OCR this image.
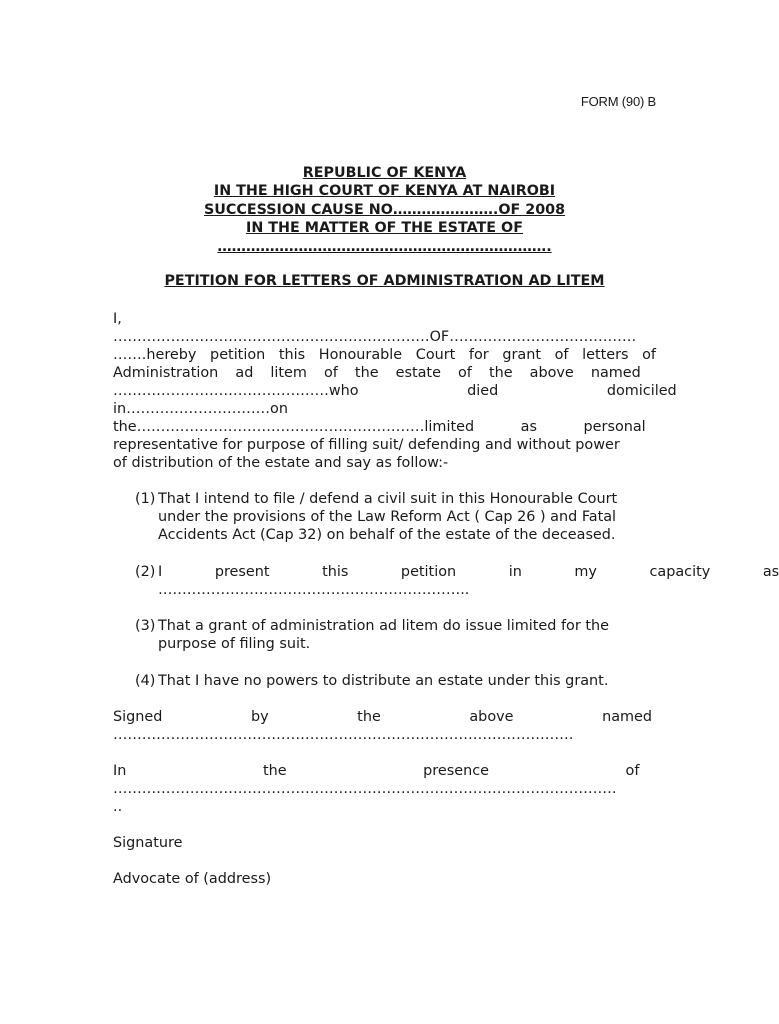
FORM (90) B
REPUBLIC OF KENYA
IN THE HIGH COURT OF KENYA AT NAIROBI
SUCCESSION CAUSE NO………………….OF 2008
IN THE MATTER OF THE ESTATE OF
…………………………………………………………….
PETITION FOR LETTERS OF ADMINISTRATION AD LITEM
I,
…………………………………………………………OF…………………………………
…….hereby petition this Honourable Court for grant of letters of
Administration ad litem of the estate of the above named
………………………………………who died domiciled
in…………………………on
the……………………………………………………limited as personal
representative for purpose of filling suit/ defending and without power
of distribution of the estate and say as follow:-
(1) That I intend to file / defend a civil suit in this Honourable Court
under the provisions of the Law Reform Act ( Cap 26 ) and Fatal
Accidents Act (Cap 32) on behalf of the estate of the deceased.
(2) I present this petition in my capacity as
………………………………………………………..
(3) That a grant of administration ad litem do issue limited for the
purpose of filing suit.
(4) That I have no powers to distribute an estate under this grant.
Signed by the above named
……………………………………………………………………………………
In the presence of
……………………………………………………………………………………………
..
Signature
Advocate of (address)
